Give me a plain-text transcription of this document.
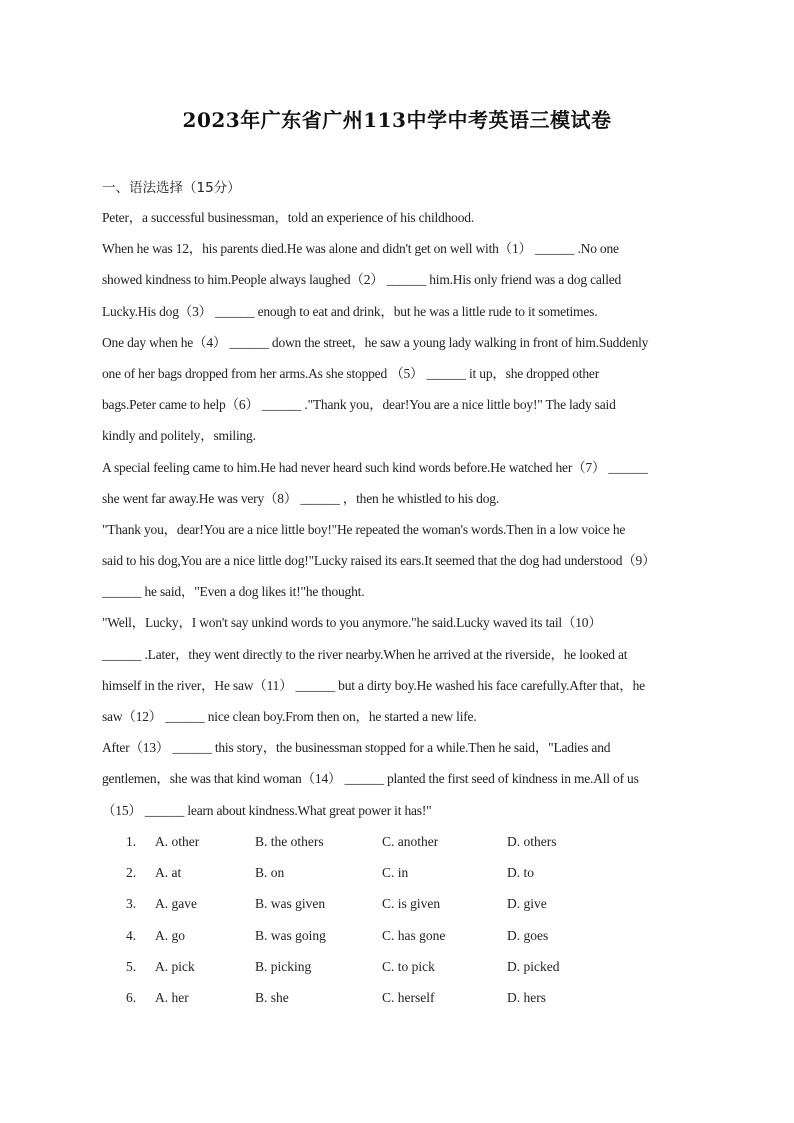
2023年广东省广州113中学中考英语三模试卷
一、语法选择（15分）
Peter，a successful businessman，told an experience of his childhood.
When he was 12，his parents died.He was alone and didn't get on well with（1） ______ .No one
showed kindness to him.People always laughed（2） ______ him.His only friend was a dog called
Lucky.His dog（3） ______ enough to eat and drink，but he was a little rude to it sometimes.
One day when he（4） ______ down the street，he saw a young lady walking in front of him.Suddenly
one of her bags dropped from her arms.As she stopped （5） ______ it up，she dropped other
bags.Peter came to help（6） ______ ."Thank you，dear!You are a nice little boy!" The lady said
kindly and politely，smiling.
A special feeling came to him.He had never heard such kind words before.He watched her（7） ______
she went far away.He was very（8） ______ ，then he whistled to his dog.
"Thank you，dear!You are a nice little boy!"He repeated the woman's words.Then in a low voice he
said to his dog,You are a nice little dog!"Lucky raised its ears.It seemed that the dog had understood（9）
______ he said，"Even a dog likes it!"he thought.
"Well，Lucky，I won't say unkind words to you anymore."he said.Lucky waved its tail（10）
______ .Later，they went directly to the river nearby.When he arrived at the riverside，he looked at
himself in the river，He saw（11） ______ but a dirty boy.He washed his face carefully.After that，he
saw（12） ______ nice clean boy.From then on，he started a new life.
After（13） ______ this story，the businessman stopped for a while.Then he said，"Ladies and
gentlemen，she was that kind woman（14） ______ planted the first seed of kindness in me.All of us
（15） ______ learn about kindness.What great power it has!"
1. A. other	B. the others	C. another	D. others
2. A. at	B. on	C. in	D. to
3. A. gave	B. was given	C. is given	D. give
4. A. go	B. was going	C. has gone	D. goes
5. A. pick	B. picking	C. to pick	D. picked
6. A. her	B. she	C. herself	D. hers
